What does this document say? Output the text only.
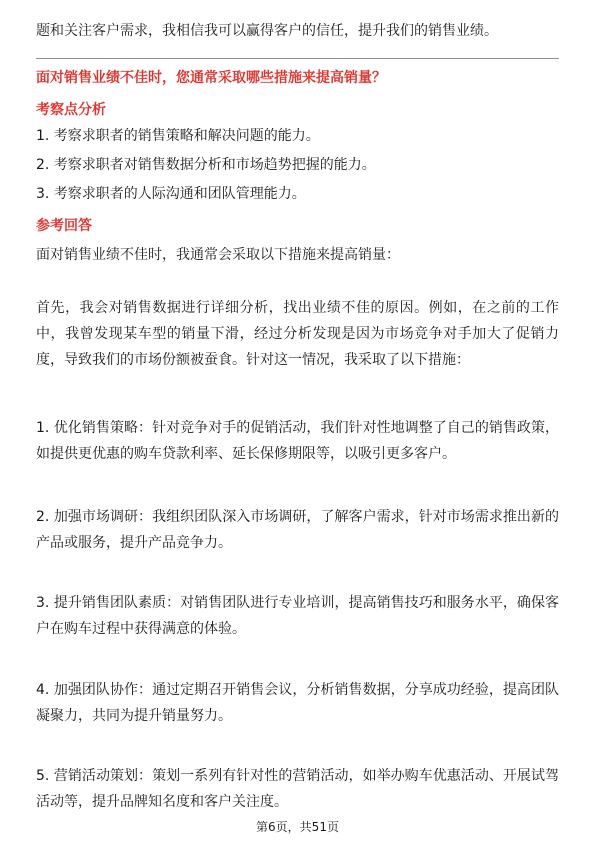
题和关注客户需求，我相信我可以赢得客户的信任，提升我们的销售业绩。
面对销售业绩不佳时，您通常采取哪些措施来提高销量？
考察点分析
1. 考察求职者的销售策略和解决问题的能力。
2. 考察求职者对销售数据分析和市场趋势把握的能力。
3. 考察求职者的人际沟通和团队管理能力。
参考回答
面对销售业绩不佳时，我通常会采取以下措施来提高销量：
首先，我会对销售数据进行详细分析，找出业绩不佳的原因。例如，在之前的工作中，我曾发现某车型的销量下滑，经过分析发现是因为市场竞争对手加大了促销力度，导致我们的市场份额被蚕食。针对这一情况，我采取了以下措施：
1. 优化销售策略：针对竞争对手的促销活动，我们针对性地调整了自己的销售政策，如提供更优惠的购车贷款利率、延长保修期限等，以吸引更多客户。
2. 加强市场调研：我组织团队深入市场调研，了解客户需求，针对市场需求推出新的产品或服务，提升产品竞争力。
3. 提升销售团队素质：对销售团队进行专业培训，提高销售技巧和服务水平，确保客户在购车过程中获得满意的体验。
4. 加强团队协作：通过定期召开销售会议，分析销售数据，分享成功经验，提高团队凝聚力，共同为提升销量努力。
5. 营销活动策划：策划一系列有针对性的营销活动，如举办购车优惠活动、开展试驾活动等，提升品牌知名度和客户关注度。
第6页，共51页
